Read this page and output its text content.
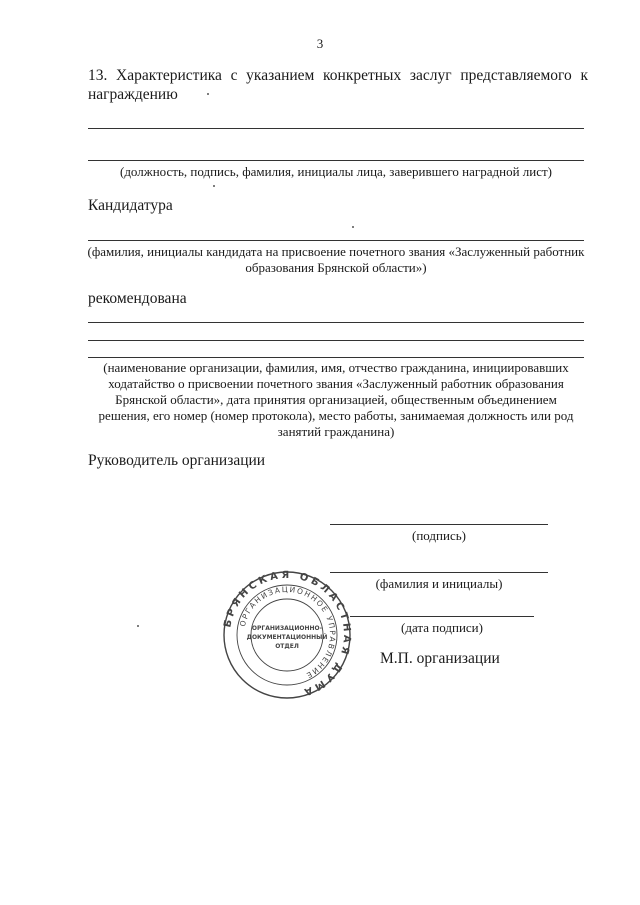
3

13. Характеристика с указанием конкретных заслуг представляемого к награждению

(должность, подпись, фамилия, инициалы лица, заверившего наградной лист)

Кандидатура

(фамилия, инициалы кандидата на присвоение почетного звания «Заслуженный работник образования Брянской области»)

рекомендована

(наименование организации, фамилия, имя, отчество гражданина, инициировавших ходатайство о присвоении почетного звания «Заслуженный работник образования Брянской области», дата принятия организацией, общественным объединением решения, его номер (номер протокола), место работы, занимаемая должность или род занятий гражданина)

Руководитель организации

(подпись)

(фамилия и инициалы)

(дата подписи)

М.П. организации

БРЯНСКАЯ ОБЛАСТНАЯ ДУМА
ОРГАНИЗАЦИОННОЕ УПРАВЛЕНИЕ
ОРГАНИЗАЦИОННО-
ДОКУМЕНТАЦИОННЫЙ
ОТДЕЛ
